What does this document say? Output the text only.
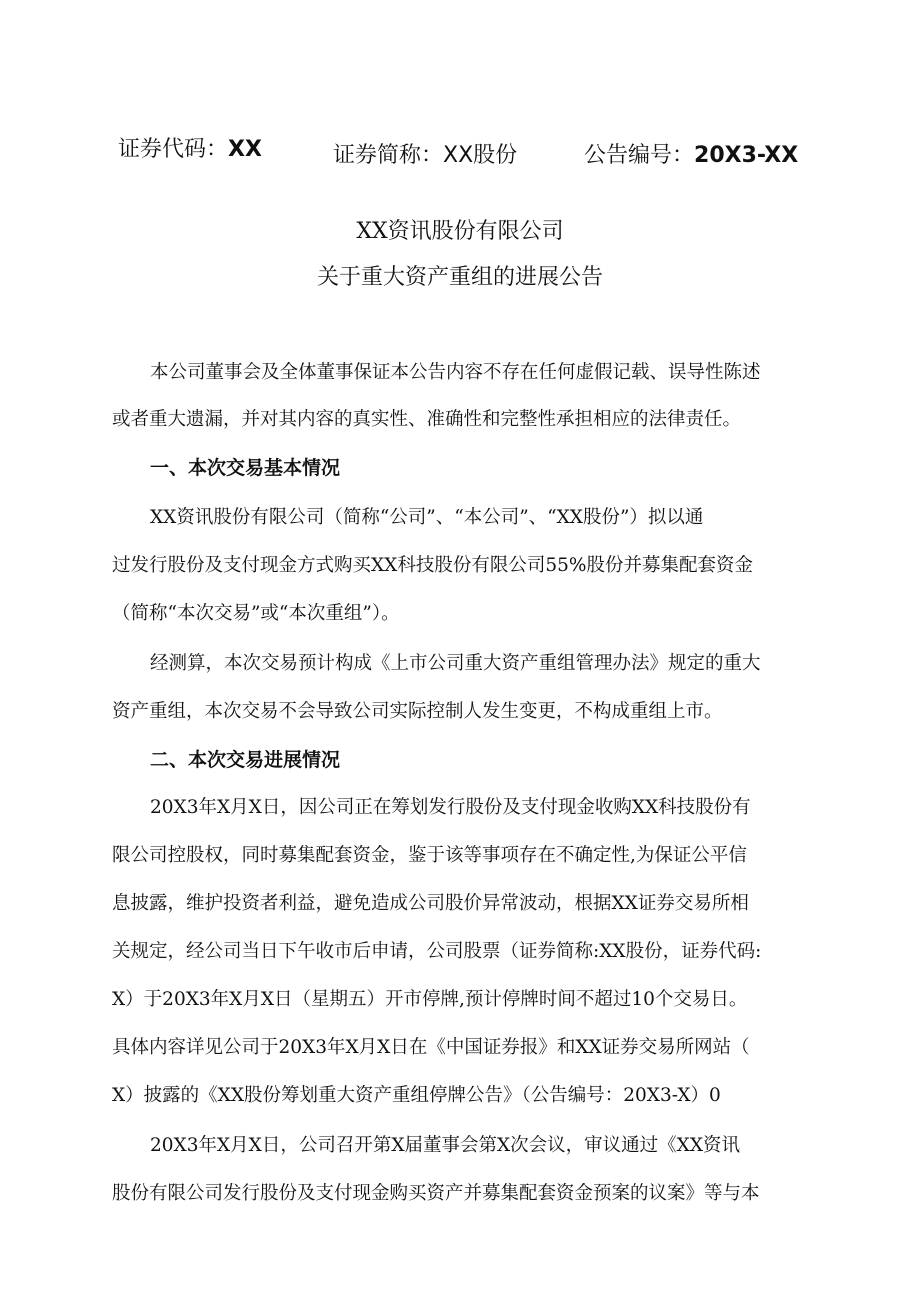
证券代码：XX	证券简称：XX股份	公告编号：20X3-XX
XX资讯股份有限公司
关于重大资产重组的进展公告
本公司董事会及全体董事保证本公告内容不存在任何虚假记载、误导性陈述
或者重大遗漏，并对其内容的真实性、准确性和完整性承担相应的法律责任。
一、本次交易基本情况
XX资讯股份有限公司（简称“公司”、“本公司”、“XX股份”）拟以通
过发行股份及支付现金方式购买XX科技股份有限公司55%股份并募集配套资金
（简称“本次交易”或“本次重组”）。
经测算，本次交易预计构成《上市公司重大资产重组管理办法》规定的重大
资产重组，本次交易不会导致公司实际控制人发生变更，不构成重组上市。
二、本次交易进展情况
20X3年X月X日，因公司正在筹划发行股份及支付现金收购XX科技股份有
限公司控股权，同时募集配套资金，鉴于该等事项存在不确定性,为保证公平信
息披露，维护投资者利益，避免造成公司股价异常波动，根据XX证券交易所相
关规定，经公司当日下午收市后申请，公司股票（证券简称:XX股份，证券代码:
X）于20X3年X月X日（星期五）开市停牌,预计停牌时间不超过10个交易日。
具体内容详见公司于20X3年X月X日在《中国证券报》和XX证券交易所网站（
X）披露的《XX股份筹划重大资产重组停牌公告》（公告编号：20X3-X）0
20X3年X月X日，公司召开第X届董事会第X次会议，审议通过《XX资讯
股份有限公司发行股份及支付现金购买资产并募集配套资金预案的议案》等与本
